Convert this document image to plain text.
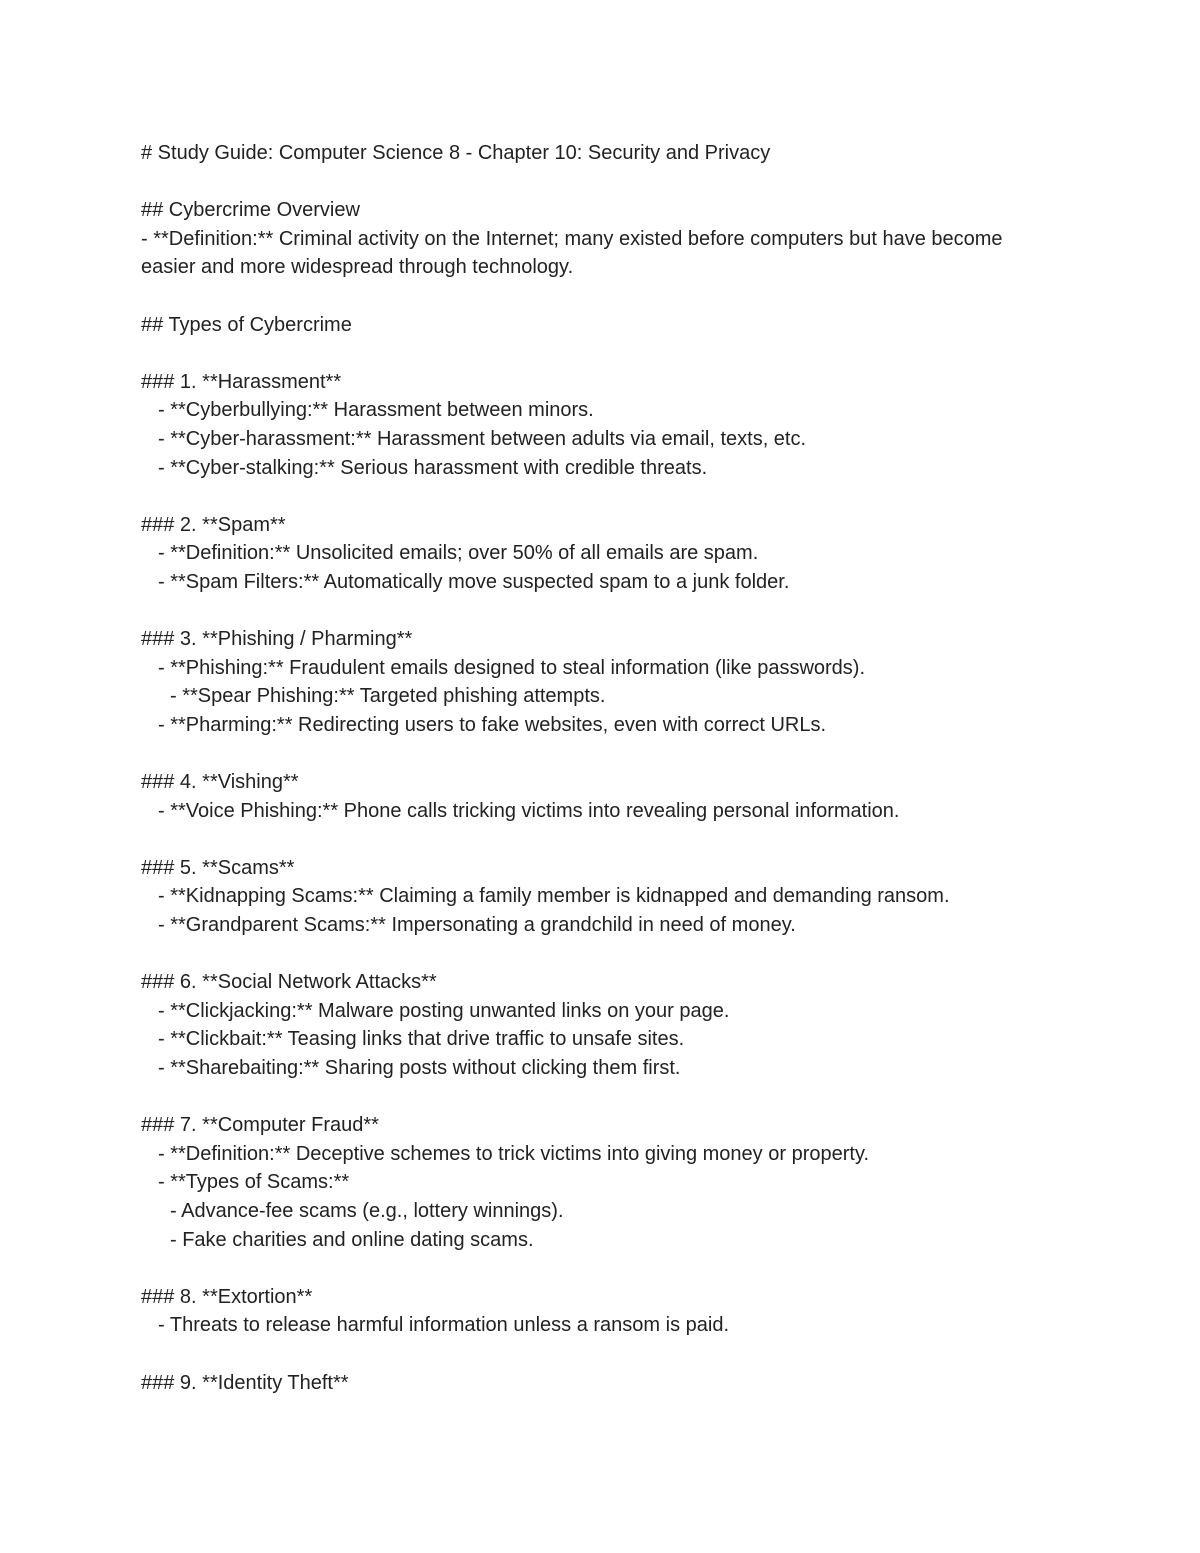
# Study Guide: Computer Science 8 - Chapter 10: Security and Privacy
## Cybercrime Overview
- **Definition:** Criminal activity on the Internet; many existed before computers but have become easier and more widespread through technology.
## Types of Cybercrime
### 1. **Harassment**
- **Cyberbullying:** Harassment between minors.
- **Cyber-harassment:** Harassment between adults via email, texts, etc.
- **Cyber-stalking:** Serious harassment with credible threats.
### 2. **Spam**
- **Definition:** Unsolicited emails; over 50% of all emails are spam.
- **Spam Filters:** Automatically move suspected spam to a junk folder.
### 3. **Phishing / Pharming**
- **Phishing:** Fraudulent emails designed to steal information (like passwords).
- **Spear Phishing:** Targeted phishing attempts.
- **Pharming:** Redirecting users to fake websites, even with correct URLs.
### 4. **Vishing**
- **Voice Phishing:** Phone calls tricking victims into revealing personal information.
### 5. **Scams**
- **Kidnapping Scams:** Claiming a family member is kidnapped and demanding ransom.
- **Grandparent Scams:** Impersonating a grandchild in need of money.
### 6. **Social Network Attacks**
- **Clickjacking:** Malware posting unwanted links on your page.
- **Clickbait:** Teasing links that drive traffic to unsafe sites.
- **Sharebaiting:** Sharing posts without clicking them first.
### 7. **Computer Fraud**
- **Definition:** Deceptive schemes to trick victims into giving money or property.
- **Types of Scams:**
- Advance-fee scams (e.g., lottery winnings).
- Fake charities and online dating scams.
### 8. **Extortion**
- Threats to release harmful information unless a ransom is paid.
### 9. **Identity Theft**
